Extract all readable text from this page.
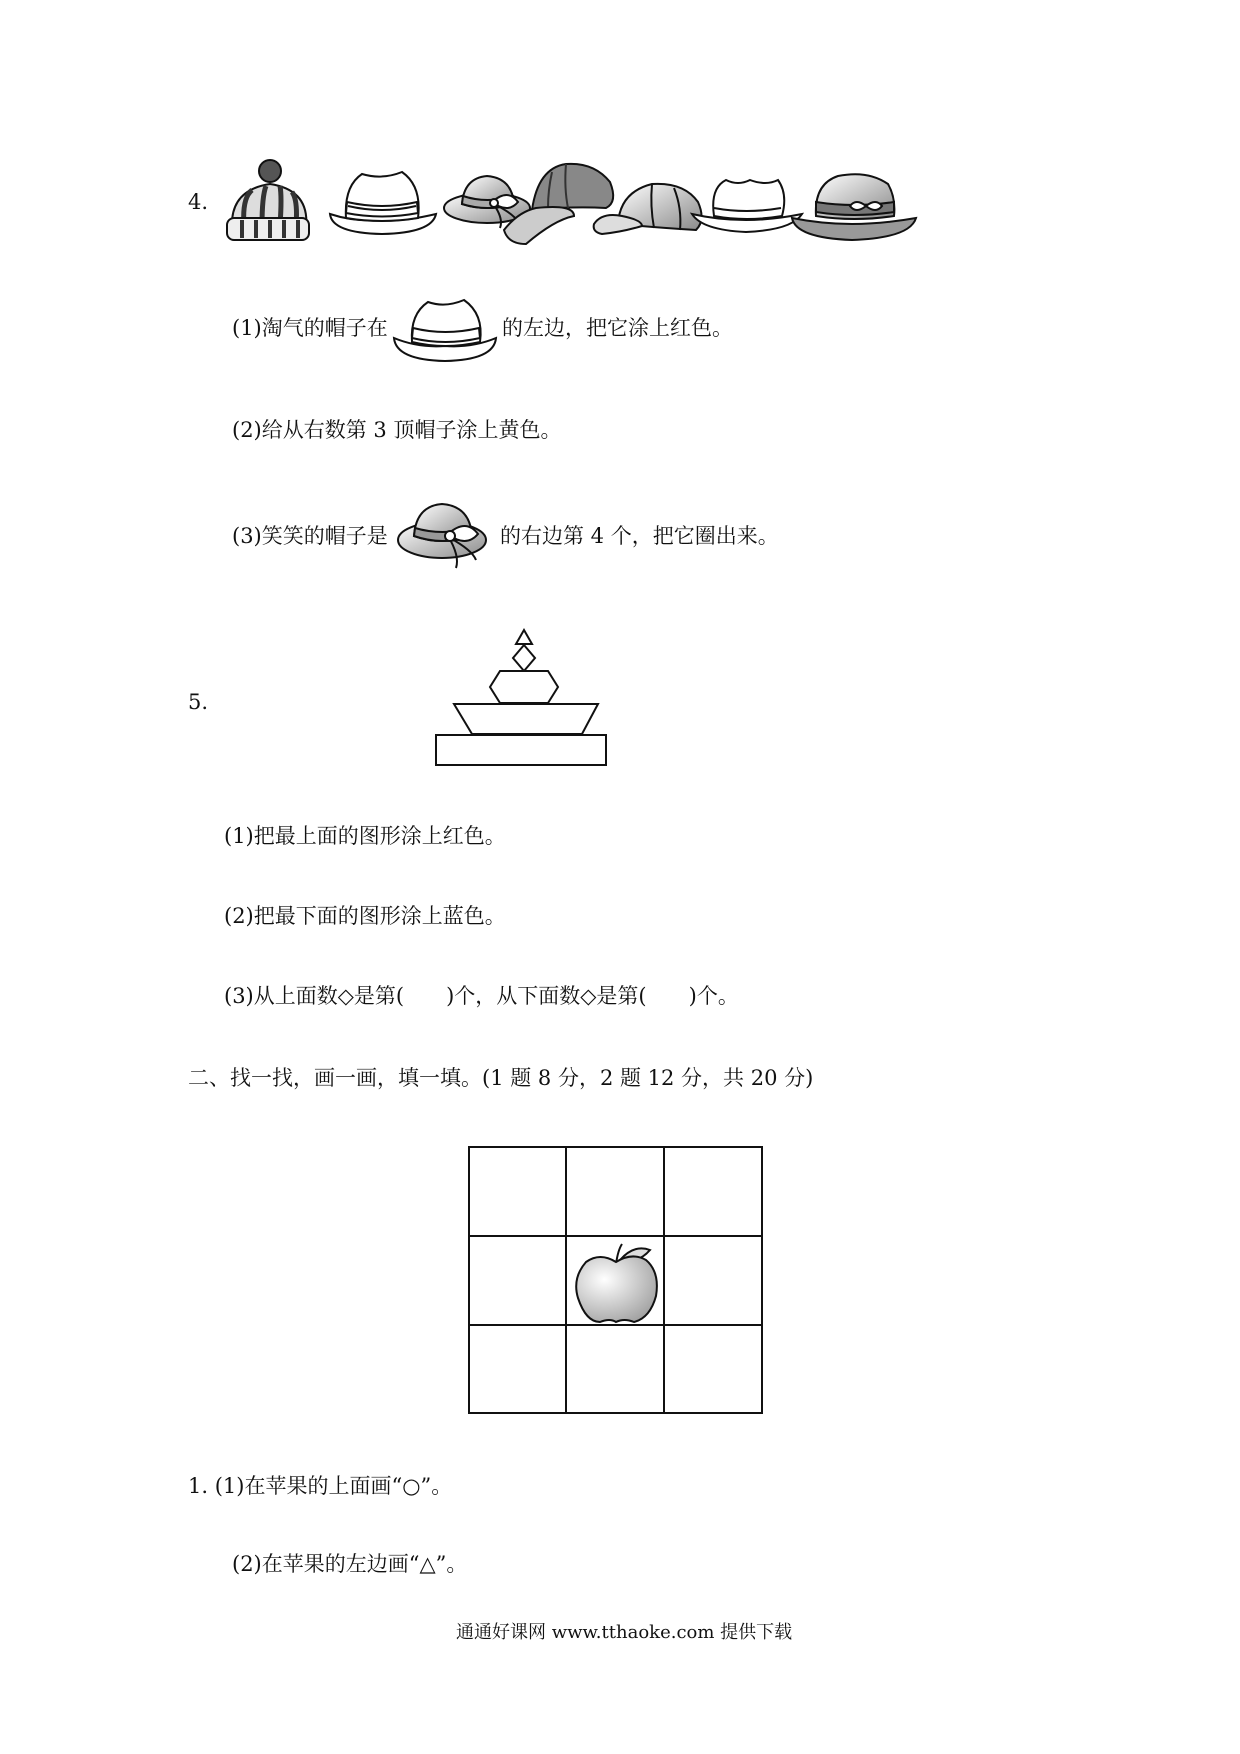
4.
(1)淘气的帽子在	的左边，把它涂上红色。
(2)给从右数第 3 顶帽子涂上黄色。
(3)笑笑的帽子是	的右边第 4 个，把它圈出来。
5.
(1)把最上面的图形涂上红色。
(2)把最下面的图形涂上蓝色。
(3)从上面数◇是第(　　)个，从下面数◇是第(　　)个。
二、找一找，画一画，填一填。(1 题 8 分，2 题 12 分，共 20 分)
1. (1)在苹果的上面画“○”。
(2)在苹果的左边画“△”。
通通好课网 www.tthaoke.com 提供下载
